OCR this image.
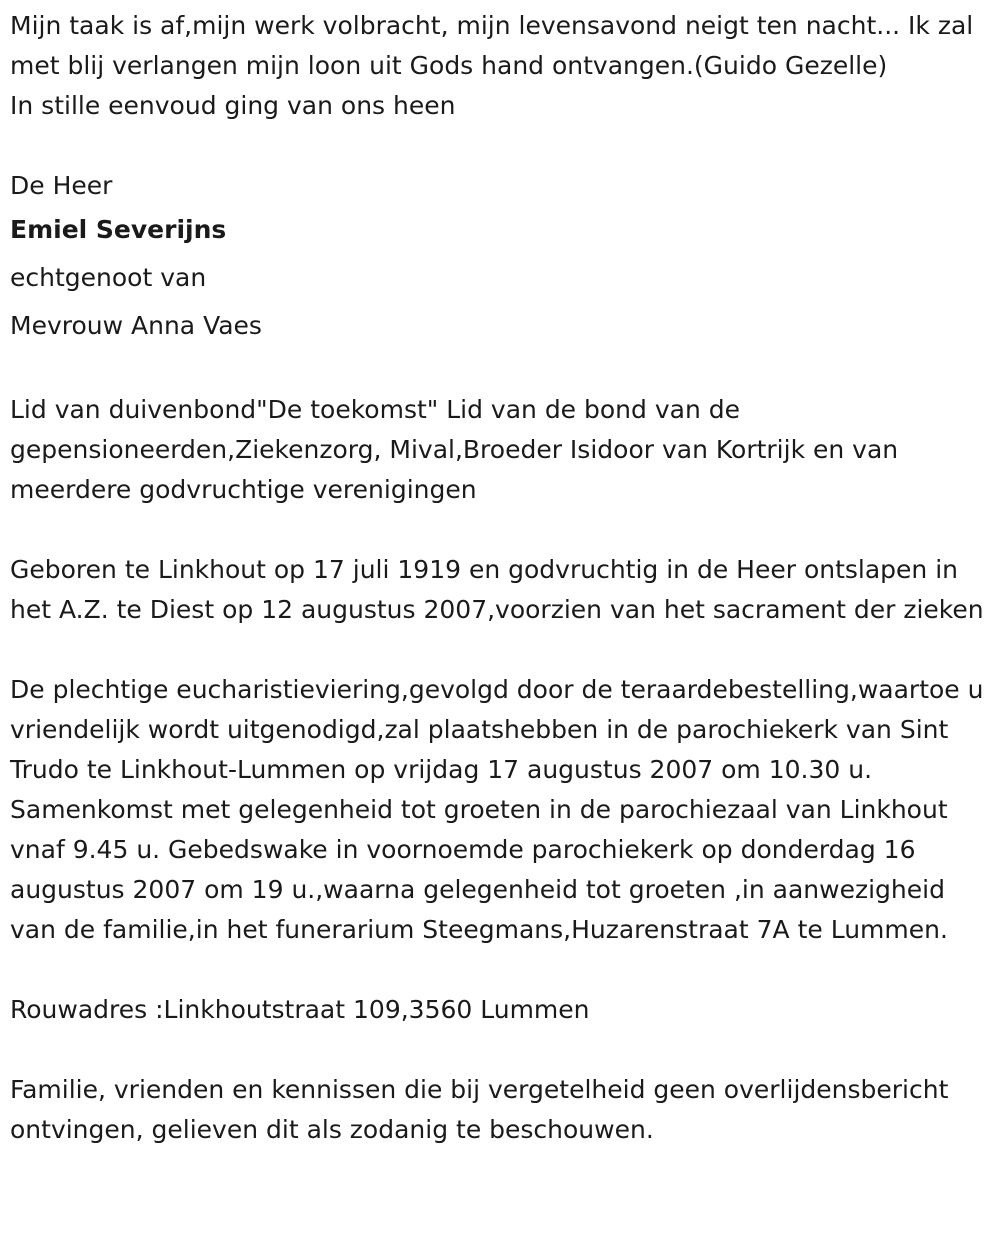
Mijn taak is af,mijn werk volbracht, mijn levensavond neigt ten nacht... Ik zal met blij verlangen mijn loon uit Gods hand ontvangen.(Guido Gezelle)

In stille eenvoud ging van ons heen

De Heer

Emiel Severijns

echtgenoot van

Mevrouw Anna Vaes

Lid van duivenbond"De toekomst" Lid van de bond van de gepensioneerden,Ziekenzorg, Mival,Broeder Isidoor van Kortrijk en van meerdere godvruchtige verenigingen

Geboren te Linkhout op 17 juli 1919 en godvruchtig in de Heer ontslapen in het A.Z. te Diest op 12 augustus 2007,voorzien van het sacrament der zieken

De plechtige eucharistieviering,gevolgd door de teraardebestelling,waartoe u vriendelijk wordt uitgenodigd,zal plaatshebben in de parochiekerk van Sint Trudo te Linkhout-Lummen op vrijdag 17 augustus 2007 om 10.30 u. Samenkomst met gelegenheid tot groeten in de parochiezaal van Linkhout vnaf 9.45 u. Gebedswake in voornoemde parochiekerk op donderdag 16 augustus 2007 om 19 u.,waarna gelegenheid tot groeten ,in aanwezigheid van de familie,in het funerarium Steegmans,Huzarenstraat 7A te Lummen.

Rouwadres :Linkhoutstraat 109,3560 Lummen

Familie, vrienden en kennissen die bij vergetelheid geen overlijdensbericht ontvingen, gelieven dit als zodanig te beschouwen.
